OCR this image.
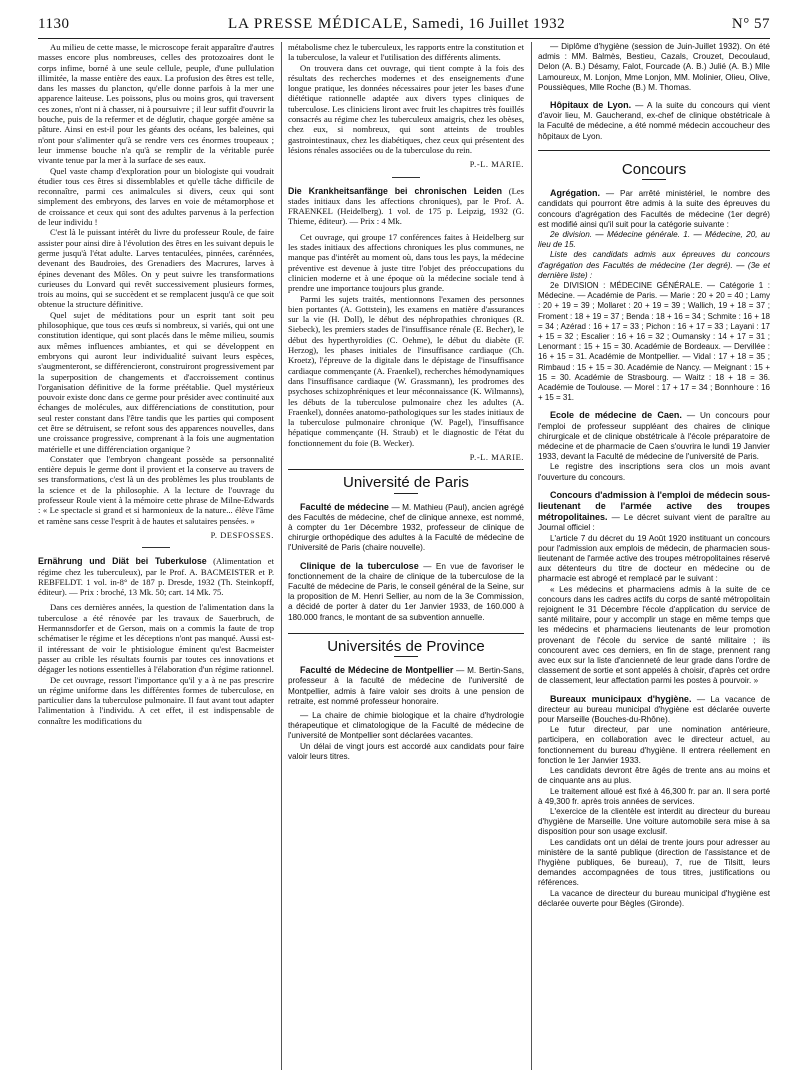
1130	LA PRESSE MÉDICALE, Samedi, 16 Juillet 1932	N° 57

Au milieu de cette masse, le microscope ferait apparaître d'autres masses encore plus nombreuses, celles des protozoaires dont le corps infime, borné à une seule cellule, peuple, d'une pullulation illimitée, la masse entière des eaux. La profusion des êtres est telle, dans les masses du plancton, qu'elle donne parfois à la mer une apparence laiteuse. Les poissons, plus ou moins gros, qui traversent ces zones, n'ont ni à chasser, ni à poursuivre ; il leur suffit d'ouvrir la bouche, puis de la refermer et de déglutir, chaque gorgée amène sa pâture. Ainsi en est-il pour les géants des océans, les baleines, qui n'ont pour s'alimenter qu'à se rendre vers ces énormes troupeaux ; leur immense bouche n'a qu'à se remplir de la véritable purée vivante tenue par la mer à la surface de ses eaux.

Quel vaste champ d'exploration pour un biologiste qui voudrait étudier tous ces êtres si dissemblables et qu'elle tâche difficile de reconnaître, parmi ces animalcules si divers, ceux qui sont simplement des embryons, des larves en voie de métamorphose et de croissance et ceux qui sont des adultes parvenus à la perfection de leur individu !

C'est là le puissant intérêt du livre du professeur Roule, de faire assister pour ainsi dire à l'évolution des êtres en les suivant depuis le germe jusqu'à l'état adulte. Larves tentaculées, pinnées, carénnées, devenant des Baudroies, des Grenadiers des Macrures, larves à épines devenant des Môles. On y peut suivre les transformations curieuses du Lonvard qui revêt successivement plusieurs formes, trois au moins, qui se succèdent et se remplacent jusqu'à ce que soit obtenue la structure définitive.

Quel sujet de méditations pour un esprit tant soit peu philosophique, que tous ces œufs si nombreux, si variés, qui ont une constitution identique, qui sont placés dans le même milieu, soumis aux mêmes influences ambiantes, et qui se développent en embryons qui auront leur individualité suivant leurs espèces, s'augmenteront, se différencieront, construiront progressivement par la superposition de changements et d'accroissement continus l'organisation définitive de la forme préétablie. Quel mystérieux pouvoir existe donc dans ce germe pour présider avec continuité aux échanges de molécules, aux différenciations de constitution, pour seul rester constant dans l'être tandis que les parties qui composent cet être se détruisent, se refont sous des apparences nouvelles, dans une croissance progressive, comprenant à la fois une augmentation matérielle et une différenciation organique ?

Constater que l'embryon changeant possède sa personnalité entière depuis le germe dont il provient et la conserve au travers de ses transformations, c'est là un des problèmes les plus troublants de la science et de la philosophie. A la lecture de l'ouvrage du professeur Roule vient à la mémoire cette phrase de Milne-Edwards : « Le spectacle si grand et si harmonieux de la nature... élève l'âme et ramène sans cesse l'esprit à de hautes et salutaires pensées. »

P. DESFOSSES.

Ernährung und Diät bei Tuberkulose (Alimentation et régime chez les tuberculeux), par le Prof. A. BACMEISTER et P. REBFELDT. 1 vol. in-8° de 187 p. Dresde, 1932 (Th. Steinkopff, éditeur). — Prix : broché, 13 Mk. 50; cart. 14 Mk. 75.

Dans ces dernières années, la question de l'alimentation dans la tuberculose a été rénovée par les travaux de Sauerbruch, de Hermannsdorfer et de Gerson, mais on a commis la faute de trop schématiser le régime et les déceptions n'ont pas manqué. Aussi est-il intéressant de voir le phtisiologue éminent qu'est Bacmeister passer au crible les résultats fournis par toutes ces innovations et dégager les notions essentielles à l'élaboration d'un régime rationnel.

De cet ouvrage, ressort l'importance qu'il y a à ne pas prescrire un régime uniforme dans les différentes formes de tuberculose, en particulier dans la tuberculose pulmonaire. Il faut avant tout adapter l'alimentation à l'individu. A cet effet, il est indispensable de connaître les modifications du

métabolisme chez le tuberculeux, les rapports entre la constitution et la tuberculose, la valeur et l'utilisation des différents aliments.

On trouvera dans cet ouvrage, qui tient compte à la fois des résultats des recherches modernes et des enseignements d'une longue pratique, les données nécessaires pour jeter les bases d'une diététique rationnelle adaptée aux divers types cliniques de tuberculose. Les cliniciens liront avec fruit les chapitres très fouillés consacrés au régime chez les tuberculeux amaigris, chez les obèses, chez eux, si nombreux, qui sont atteints de troubles gastrointestinaux, chez les diabétiques, chez ceux qui présentent des lésions rénales associées ou de la tuberculose du rein.

P.-L. MARIE.

Die Krankheitsanfänge bei chronischen Leiden (Les stades initiaux dans les affections chroniques), par le Prof. A. FRAENKEL (Heidelberg). 1 vol. de 175 p. Leipzig, 1932 (G. Thieme, éditeur). — Prix : 4 Mk.

Cet ouvrage, qui groupe 17 conférences faites à Heidelberg sur les stades initiaux des affections chroniques les plus communes, ne manque pas d'intérêt au moment où, dans tous les pays, la médecine préventive est devenue à juste titre l'objet des préoccupations du clinicien moderne et à une époque où la médecine sociale tend à prendre une importance toujours plus grande.

Parmi les sujets traités, mentionnons l'examen des personnes bien portantes (A. Gottstein), les examens en matière d'assurances sur la vie (H. Doll), le début des néphropathies chroniques (R. Siebeck), les premiers stades de l'insuffisance rénale (E. Becher), le début des hyperthyroïdies (C. Oehme), le début du diabète (F. Herzog), les phases initiales de l'insuffisance cardiaque (Ch. Kroetz), l'épreuve de la digitale dans le dépistage de l'insuffisance cardiaque commençante (A. Fraenkel), recherches hémodynamiques dans l'insuffisance cardiaque (W. Grassmann), les prodromes des psychoses schizophréniques et leur méconnaissance (K. Wilmanns), les débuts de la tuberculose pulmonaire chez les adultes (A. Fraenkel), données anatomo-pathologiques sur les stades initiaux de la tuberculose pulmonaire chronique (W. Pagel), l'insuffisance hépatique commençante (H. Straub) et le diagnostic de l'état du fonctionnement du foie (B. Wecker).

P.-L. MARIE.
Université de Paris

Faculté de médecine — M. Mathieu (Paul), ancien agrégé des Facultés de médecine, chef de clinique annexe, est nommé, à compter du 1er Décembre 1932, professeur de clinique de chirurgie orthopédique des adultes à la Faculté de médecine de l'Université de Paris (chaire nouvelle).

Clinique de la tuberculose — En vue de favoriser le fonctionnement de la chaire de clinique de la tuberculose de la Faculté de médecine de Paris, le conseil général de la Seine, sur la proposition de M. Henri Sellier, au nom de la 3e Commission, a décidé de porter à dater du 1er Janvier 1933, de 160.000 à 180.000 francs, le montant de sa subvention annuelle.

Universités de Province

Faculté de Médecine de Montpellier — M. Bertin-Sans, professeur à la faculté de médecine de l'université de Montpellier, admis à faire valoir ses droits à une pension de retraite, est nommé professeur honoraire.

— La chaire de chimie biologique et la chaire d'hydrologie thérapeutique et climatologique de la Faculté de médecine de l'université de Montpellier sont déclarées vacantes.

Un délai de vingt jours est accordé aux candidats pour faire valoir leurs titres.

— Diplôme d'hygiène (session de Juin-Juillet 1932). On été admis : MM. Balmès, Bestieu, Cazals, Crouzet, Decoulaud, Delon (A. B.) Désamy, Falot, Fourcade (A. B.) Julié (A. B.) Mlle Lamoureux, M. Lonjon, Mme Lonjon, MM. Molinier, Olieu, Olive, Poussièques, Mlle Roche (B.) M. Thomas.

Hôpitaux de Lyon. — A la suite du concours qui vient d'avoir lieu, M. Gaucherand, ex-chef de clinique obstétricale à la Faculté de médecine, a été nommé médecin accoucheur des hôpitaux de Lyon.

Concours

Agrégation. — Par arrêté ministériel, le nombre des candidats qui pourront être admis à la suite des épreuves du concours d'agrégation des Facultés de médecine (1er degré) est modifié ainsi qu'il suit pour la catégorie suivante :

2e division. — Médecine générale. 1. — Médecine, 20, au lieu de 15.

Liste des candidats admis aux épreuves du concours d'agrégation des Facultés de médecine (1er degré). — (3e et dernière liste) :

2e DIVISION : MÉDECINE GÉNÉRALE. — Catégorie 1 : Médecine. — Académie de Paris. — Marie : 20 + 20 = 40 ; Lamy : 20 + 19 = 39 ; Mollaret : 20 + 19 = 39 ; Wallich, 19 + 18 = 37 ; Froment : 18 + 19 = 37 ; Benda : 18 + 16 = 34 ; Schmite : 16 + 18 = 34 ; Azérad : 16 + 17 = 33 ; Pichon : 16 + 17 = 33 ; Layani : 17 + 15 = 32 ; Escalier : 16 + 16 = 32 ; Oumansky : 14 + 17 = 31 ; Lenormant : 15 + 15 = 30. Académie de Bordeaux. — Dervillée : 16 + 15 = 31. Académie de Montpellier. — Vidal : 17 + 18 = 35 ; Rimbaud : 15 + 15 = 30. Académie de Nancy. — Meignant : 15 + 15 = 30. Académie de Strasbourg. — Waitz : 18 + 18 = 36. Académie de Toulouse. — Morel : 17 + 17 = 34 ; Bonnhoure : 16 + 15 = 31.

Ecole de médecine de Caen. — Un concours pour l'emploi de professeur suppléant des chaires de clinique chirurgicale et de clinique obstétricale à l'école préparatoire de médecine et de pharmacie de Caen s'ouvrira le lundi 19 Janvier 1933, devant la Faculté de médecine de l'université de Paris.

Le registre des inscriptions sera clos un mois avant l'ouverture du concours.

Concours d'admission à l'emploi de médecin sous-lieutenant de l'armée active des troupes métropolitaines. — Le décret suivant vient de paraître au Journal officiel :

L'article 7 du décret du 19 Août 1920 instituant un concours pour l'admission aux emplois de médecin, de pharmacien sous-lieutenant de l'armée active des troupes métropolitaines réservé aux détenteurs du titre de docteur en médecine ou de pharmacie est abrogé et remplacé par le suivant :

« Les médecins et pharmaciens admis à la suite de ce concours dans les cadres actifs du corps de santé métropolitain rejoignent le 31 Décembre l'école d'application du service de santé militaire, pour y accomplir un stage en même temps que les médecins et pharmaciens lieutenants de leur promotion provenant de l'école du service de santé militaire ; ils concourent avec ces derniers, en fin de stage, prennent rang avec eux sur la liste d'ancienneté de leur grade dans l'ordre de classement de sortie et sont appelés à choisir, d'après cet ordre de classement, leur affectation parmi les postes à pourvoir. »

Bureaux municipaux d'hygiène. — La vacance de directeur au bureau municipal d'hygiène est déclarée ouverte pour Marseille (Bouches-du-Rhône).

Le futur directeur, par une nomination antérieure, participera, en collaboration avec le directeur actuel, au fonctionnement du bureau d'hygiène. Il entrera réellement en fonction le 1er Janvier 1933.

Les candidats devront être âgés de trente ans au moins et de cinquante ans au plus.

Le traitement alloué est fixé à 46,300 fr. par an. Il sera porté à 49,300 fr. après trois années de services.

L'exercice de la clientèle est interdit au directeur du bureau d'hygiène de Marseille. Une voiture automobile sera mise à sa disposition pour son usage exclusif.

Les candidats ont un délai de trente jours pour adresser au ministère de la santé publique (direction de l'assistance et de l'hygiène publiques, 6e bureau), 7, rue de Tilsitt, leurs demandes accompagnées de tous titres, justifications ou références.

La vacance de directeur du bureau municipal d'hygiène est déclarée ouverte pour Bègles (Gironde).
